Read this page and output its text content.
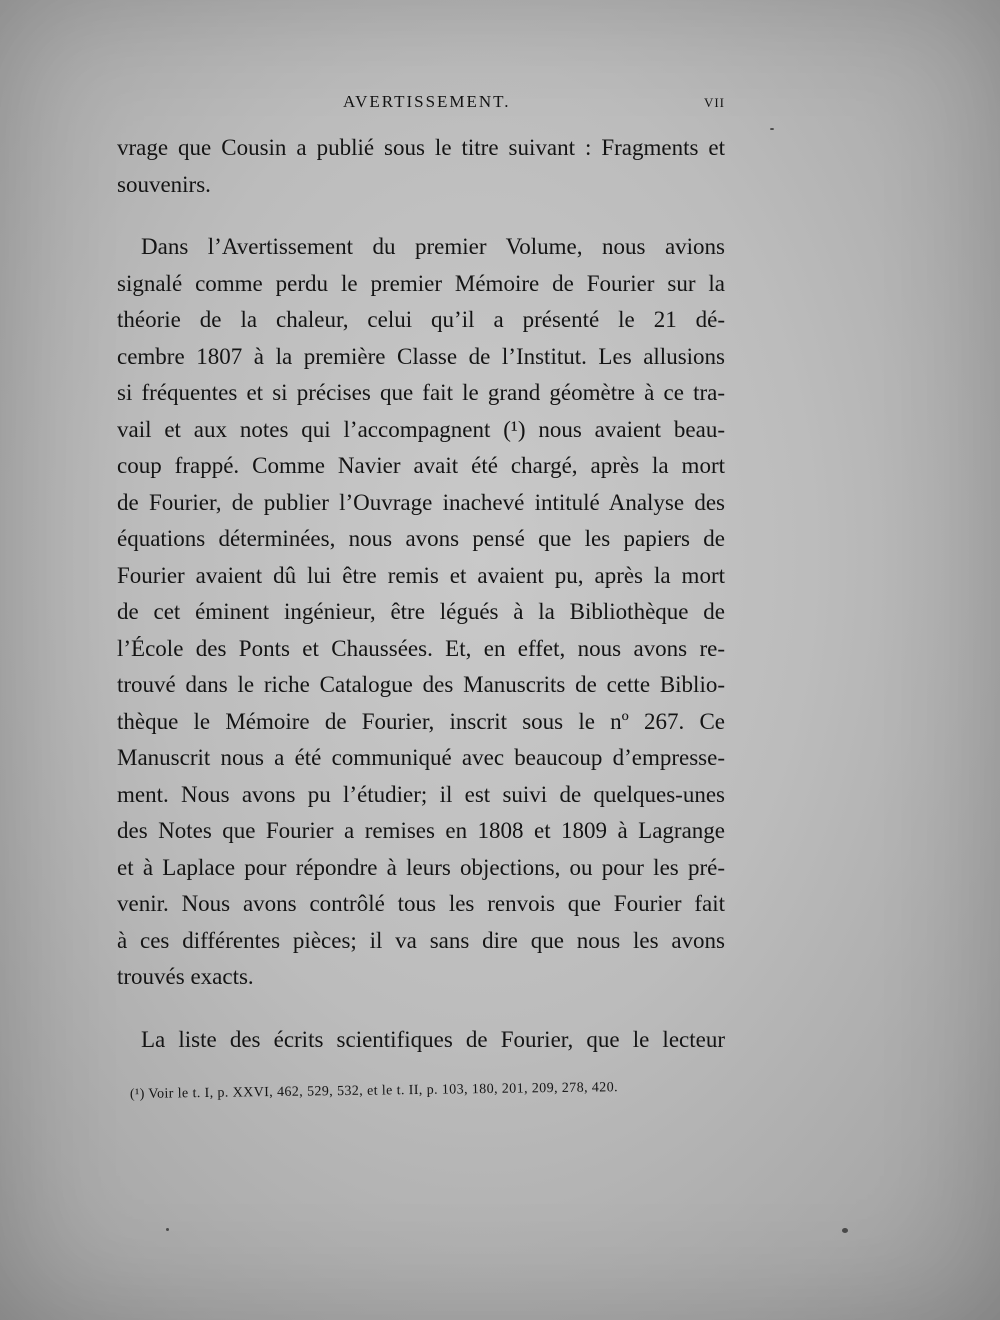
AVERTISSEMENT.	VII
vrage que Cousin a publié sous le titre suivant : Fragments et
souvenirs.
Dans l’Avertissement du premier Volume, nous avions
signalé comme perdu le premier Mémoire de Fourier sur la
théorie de la chaleur, celui qu’il a présenté le 21 dé-
cembre 1807 à la première Classe de l’Institut. Les allusions
si fréquentes et si précises que fait le grand géomètre à ce tra-
vail et aux notes qui l’accompagnent (¹) nous avaient beau-
coup frappé. Comme Navier avait été chargé, après la mort
de Fourier, de publier l’Ouvrage inachevé intitulé Analyse des
équations déterminées, nous avons pensé que les papiers de
Fourier avaient dû lui être remis et avaient pu, après la mort
de cet éminent ingénieur, être légués à la Bibliothèque de
l’École des Ponts et Chaussées. Et, en effet, nous avons re-
trouvé dans le riche Catalogue des Manuscrits de cette Biblio-
thèque le Mémoire de Fourier, inscrit sous le nº 267. Ce
Manuscrit nous a été communiqué avec beaucoup d’empresse-
ment. Nous avons pu l’étudier; il est suivi de quelques-unes
des Notes que Fourier a remises en 1808 et 1809 à Lagrange
et à Laplace pour répondre à leurs objections, ou pour les pré-
venir. Nous avons contrôlé tous les renvois que Fourier fait
à ces différentes pièces; il va sans dire que nous les avons
trouvés exacts.
La liste des écrits scientifiques de Fourier, que le lecteur
(¹) Voir le t. I, p. XXVI, 462, 529, 532, et le t. II, p. 103, 180, 201, 209, 278, 420.
